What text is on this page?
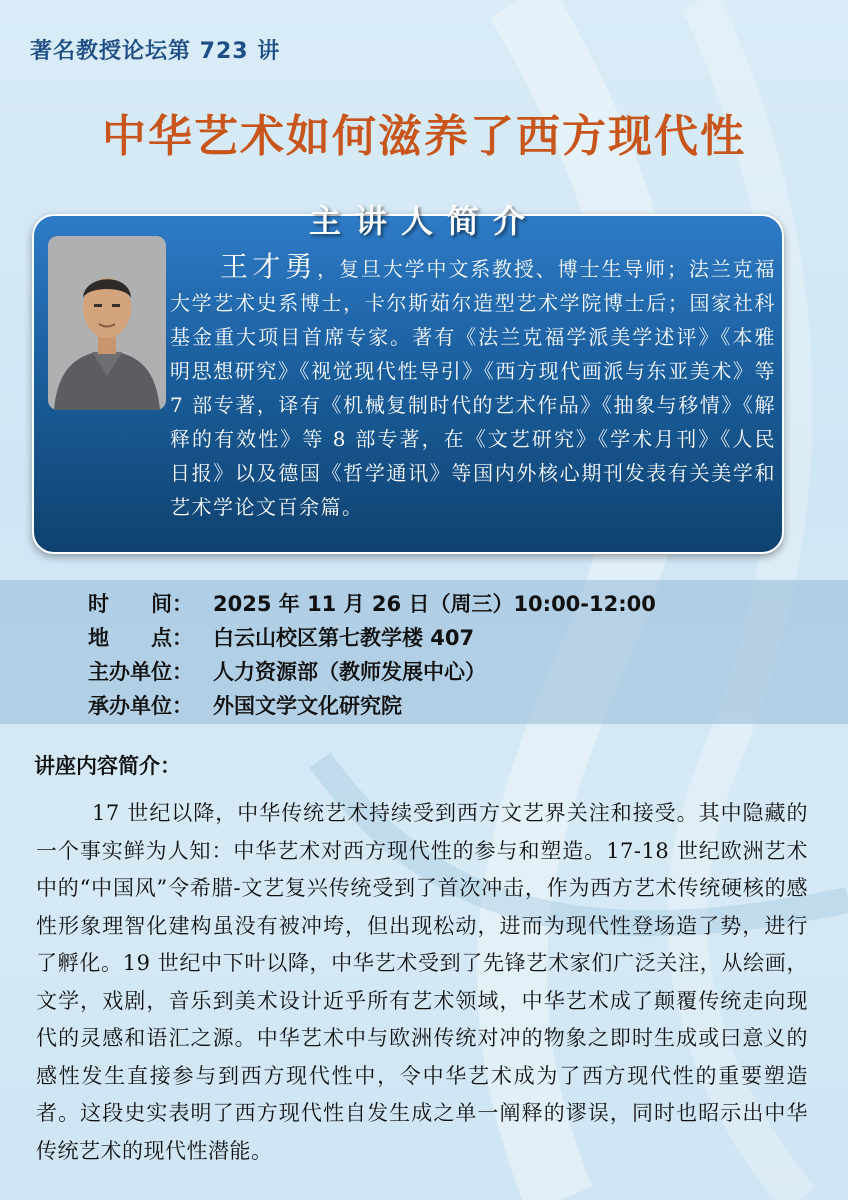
著名教授论坛第 723 讲
中华艺术如何滋养了西方现代性
主讲人简介
王才勇，复旦大学中文系教授、博士生导师；法兰克福大学艺术史系博士，卡尔斯茹尔造型艺术学院博士后；国家社科基金重大项目首席专家。著有《法兰克福学派美学述评》《本雅明思想研究》《视觉现代性导引》《西方现代画派与东亚美术》等 7 部专著，译有《机械复制时代的艺术作品》《抽象与移情》《解释的有效性》等 8 部专著，在《文艺研究》《学术月刊》《人民日报》以及德国《哲学通讯》等国内外核心期刊发表有关美学和艺术学论文百余篇。
时　　间： 2025 年 11 月 26 日（周三）10:00-12:00
地　　点： 白云山校区第七教学楼 407
主办单位： 人力资源部（教师发展中心）
承办单位： 外国文学文化研究院
讲座内容简介：
17 世纪以降，中华传统艺术持续受到西方文艺界关注和接受。其中隐藏的一个事实鲜为人知：中华艺术对西方现代性的参与和塑造。17-18 世纪欧洲艺术中的“中国风”令希腊-文艺复兴传统受到了首次冲击，作为西方艺术传统硬核的感性形象理智化建构虽没有被冲垮，但出现松动，进而为现代性登场造了势，进行了孵化。19 世纪中下叶以降，中华艺术受到了先锋艺术家们广泛关注，从绘画，文学，戏剧，音乐到美术设计近乎所有艺术领域，中华艺术成了颠覆传统走向现代的灵感和语汇之源。中华艺术中与欧洲传统对冲的物象之即时生成或曰意义的感性发生直接参与到西方现代性中，令中华艺术成为了西方现代性的重要塑造者。这段史实表明了西方现代性自发生成之单一阐释的谬误，同时也昭示出中华传统艺术的现代性潜能。
